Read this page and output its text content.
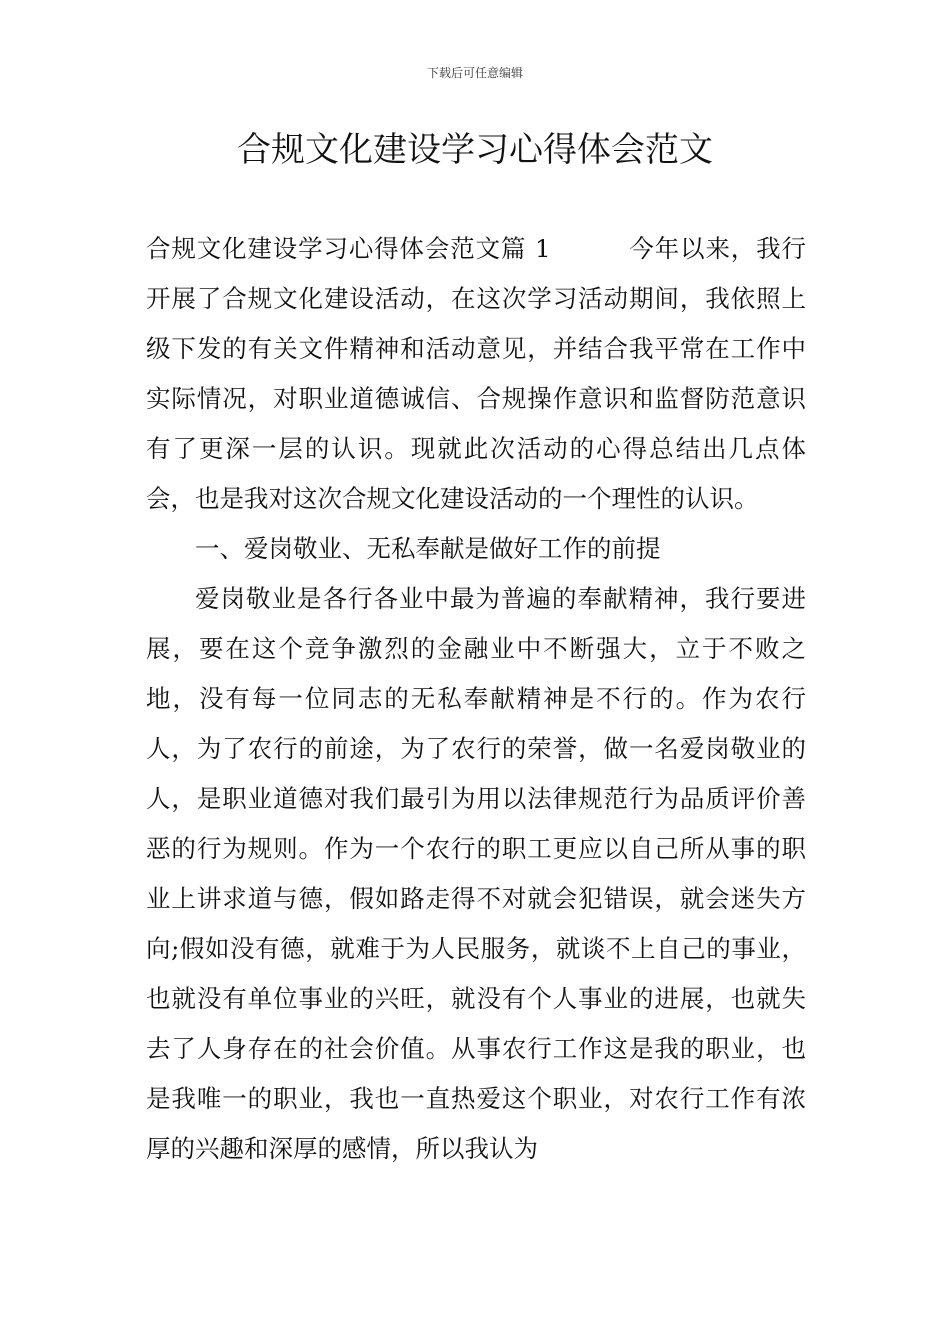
下载后可任意编辑
合规文化建设学习心得体会范文

合规文化建设学习心得体会范文篇 1	今年以来，我行开展了合规文化建设活动，在这次学习活动期间，我依照上级下发的有关文件精神和活动意见，并结合我平常在工作中实际情况，对职业道德诚信、合规操作意识和监督防范意识有了更深一层的认识。现就此次活动的心得总结出几点体会，也是我对这次合规文化建设活动的一个理性的认识。

一、爱岗敬业、无私奉献是做好工作的前提

爱岗敬业是各行各业中最为普遍的奉献精神，我行要进展，要在这个竞争激烈的金融业中不断强大，立于不败之地，没有每一位同志的无私奉献精神是不行的。作为农行人，为了农行的前途，为了农行的荣誉，做一名爱岗敬业的人，是职业道德对我们最引为用以法律规范行为品质评价善恶的行为规则。作为一个农行的职工更应以自己所从事的职业上讲求道与德，假如路走得不对就会犯错误，就会迷失方向;假如没有德，就难于为人民服务，就谈不上自己的事业，也就没有单位事业的兴旺，就没有个人事业的进展，也就失去了人身存在的社会价值。从事农行工作这是我的职业，也是我唯一的职业，我也一直热爱这个职业，对农行工作有浓厚的兴趣和深厚的感情，所以我认为
